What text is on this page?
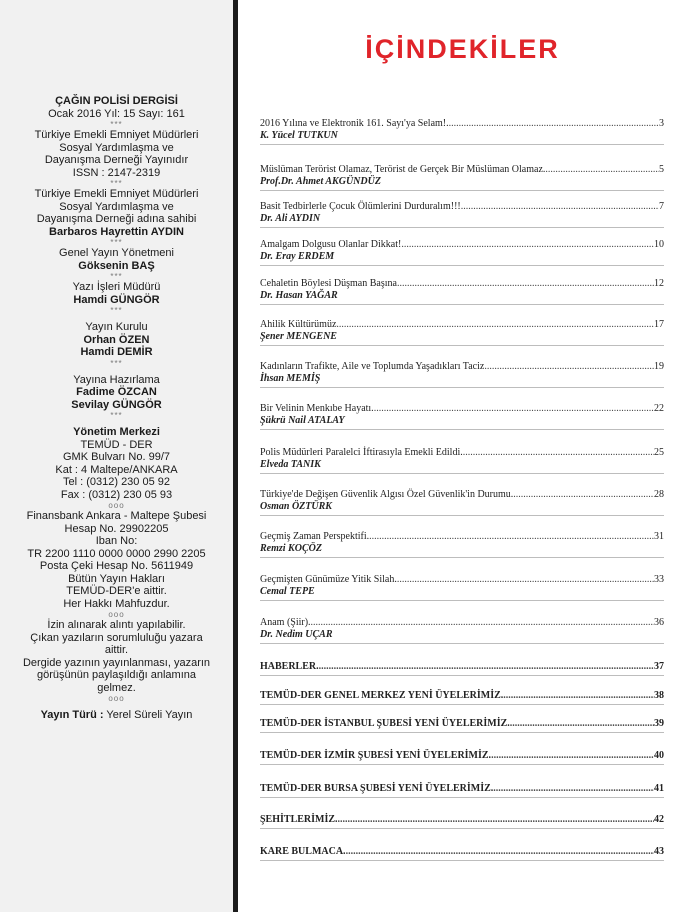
ÇAĞIN POLİSİ DERGİSİ
Ocak 2016 Yıl: 15 Sayı: 161
***
Türkiye Emekli Emniyet Müdürleri
Sosyal Yardımlaşma ve
Dayanışma Derneği Yayınıdır
ISSN : 2147-2319
***
Türkiye Emekli Emniyet Müdürleri
Sosyal Yardımlaşma ve
Dayanışma Derneği adına sahibi
Barbaros Hayrettin AYDIN
***
Genel Yayın Yönetmeni
Göksenin BAŞ
***
Yazı İşleri Müdürü
Hamdi GÜNGÖR
***
Yayın Kurulu
Orhan ÖZEN
Hamdi DEMİR
***
Yayına Hazırlama
Fadime ÖZCAN
Sevilay GÜNGÖR
***
Yönetim Merkezi
TEMÜD - DER
GMK Bulvarı No. 99/7
Kat : 4 Maltepe/ANKARA
Tel : (0312) 230 05 92
Fax : (0312) 230 05 93
ooo
Finansbank Ankara - Maltepe Şubesi
Hesap No. 29902205
Iban No:
TR 2200 1110 0000 0000 2990 2205
Posta Çeki Hesap No. 5611949
Bütün Yayın Hakları
TEMÜD-DER'e aittir.
Her Hakkı Mahfuzdur.
ooo
İzin alınarak alıntı yapılabilir.
Çıkan yazıların sorumluluğu yazara
aittir.
Dergide yazının yayınlanması, yazarın
görüşünün paylaşıldığı anlamına
gelmez.
ooo
Yayın Türü : Yerel Süreli Yayın
İÇİNDEKİLER
2016 Yılına ve Elektronik 161. Sayı'ya Selam!. .....	3
K. Yücel TUTKUN
Müslüman Terörist Olamaz, Terörist de Gerçek Bir Müslüman Olamaz. .....	5
Prof.Dr. Ahmet AKGÜNDÜZ
Basit Tedbirlerle Çocuk Ölümlerini Durduralım!!! .....	7
Dr. Ali AYDIN
Amalgam Dolgusu Olanlar Dikkat! .....	10
Dr. Eray ERDEM
Cehaletin Böylesi Düşman Başına .....	12
Dr. Hasan YAĞAR
Ahilik Kültürümüz .....	17
Şener MENGENE
Kadınların Trafikte, Aile ve Toplumda Yaşadıkları Taciz .....	19
İhsan MEMİŞ
Bir Velinin Menkıbe Hayatı. .....	22
Şükrü Nail ATALAY
Polis Müdürleri Paralelci İftirasıyla Emekli Edildi. .....	25
Elveda TANIK
Türkiye'de Değişen Güvenlik Algısı Özel Güvenlik'in Durumu. .....	28
Osman ÖZTÜRK
Geçmiş Zaman Perspektifi. .....	31
Remzi KOÇÖZ
Geçmişten Günümüze Yitik Silah. .....	33
Cemal TEPE
Anam (Şiir). .....	36
Dr. Nedim UÇAR
HABERLER. .....	37
TEMÜD-DER GENEL MERKEZ YENİ ÜYELERİMİZ. .....	38
TEMÜD-DER İSTANBUL ŞUBESİ YENİ ÜYELERİMİZ. .....	39
TEMÜD-DER İZMİR ŞUBESİ YENİ ÜYELERİMİZ. .....	40
TEMÜD-DER BURSA ŞUBESİ YENİ ÜYELERİMİZ. .....	41
ŞEHİTLERİMİZ. .....	42
KARE BULMACA. .....	43
